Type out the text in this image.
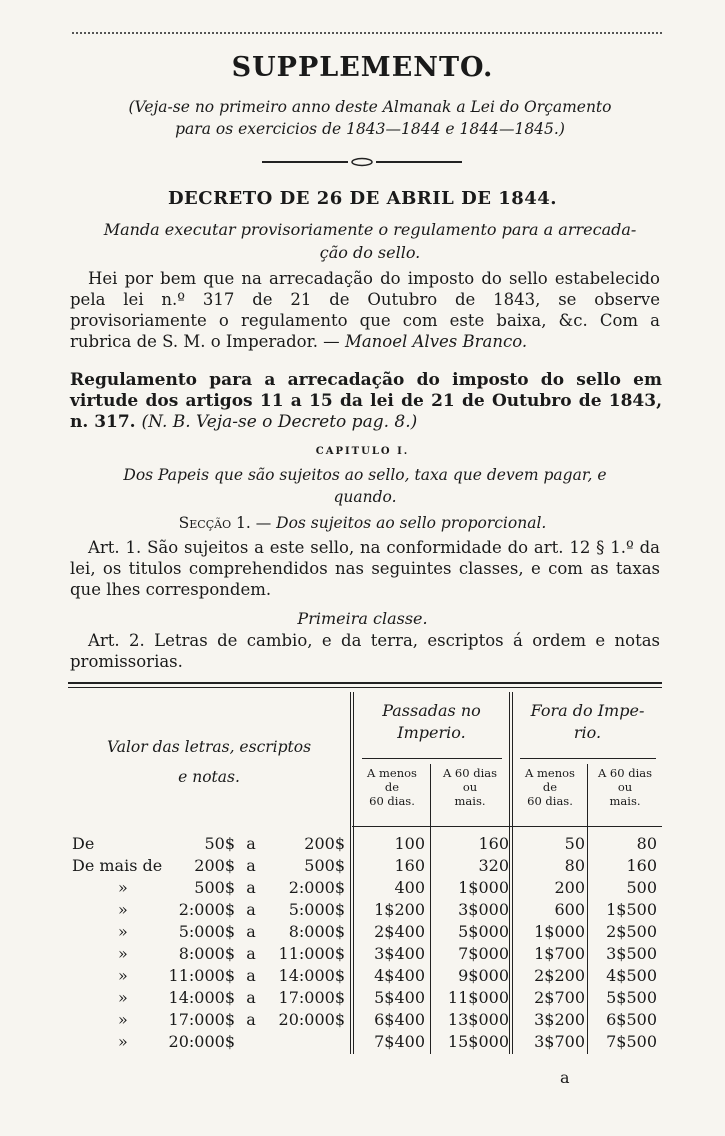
SUPPLEMENTO.
(Veja-se no primeiro anno deste Almanak a Lei do Orçamento
para os exercicios de 1843—1844 e 1844—1845.)
DECRETO DE 26 DE ABRIL DE 1844.
Manda executar provisoriamente o regulamento para a arrecada-
ção do sello.
Hei por bem que na arrecadação do imposto do sello estabelecido pela lei n.º 317 de 21 de Outubro de 1843, se observe provisoriamente o regulamento que com este baixa, &c. Com a rubrica de S. M. o Imperador. — Manoel Alves Branco.
Regulamento para a arrecadação do imposto do sello em virtude dos artigos 11 a 15 da lei de 21 de Outubro de 1843, n. 317. (N. B. Veja-se o Decreto pag. 8.)
CAPITULO I.
Dos Papeis que são sujeitos ao sello, taxa que devem pagar, e
quando.
Secção 1. — Dos sujeitos ao sello proporcional.
Art. 1. São sujeitos a este sello, na conformidade do art. 12 § 1.º da lei, os titulos comprehendidos nas seguintes classes, e com as taxas que lhes correspondem.
Primeira classe.
Art. 2. Letras de cambio, e da terra, escriptos á ordem e notas promissorias.
Valor das letras, escriptos
e notas.
Passadas no
Imperio.
Fora do Impe-
rio.
A menos
de
60 dias.
A 60 dias
ou
mais.
A menos
de
60 dias.
A 60 dias
ou
mais.
De	50$ a	200$	100	160	50	80
De mais de	200$ a	500$	160	320	80	160
»	500$ a 2:000$	400 1$000	200	500
»	2:000$ a 5:000$ 1$200 3$000	600 1$500
»	5:000$ a 8:000$ 2$400 5$000 1$000 2$500
»	8:000$ a 11:000$ 3$400 7$000 1$700 3$500
»	11:000$ a 14:000$ 4$400 9$000 2$200 4$500
»	14:000$ a 17:000$ 5$400 11$000 2$700 5$500
»	17:000$ a 20:000$ 6$400 13$000 3$200 6$500
»	20:000$	7$400 15$000 3$700 7$500
a
